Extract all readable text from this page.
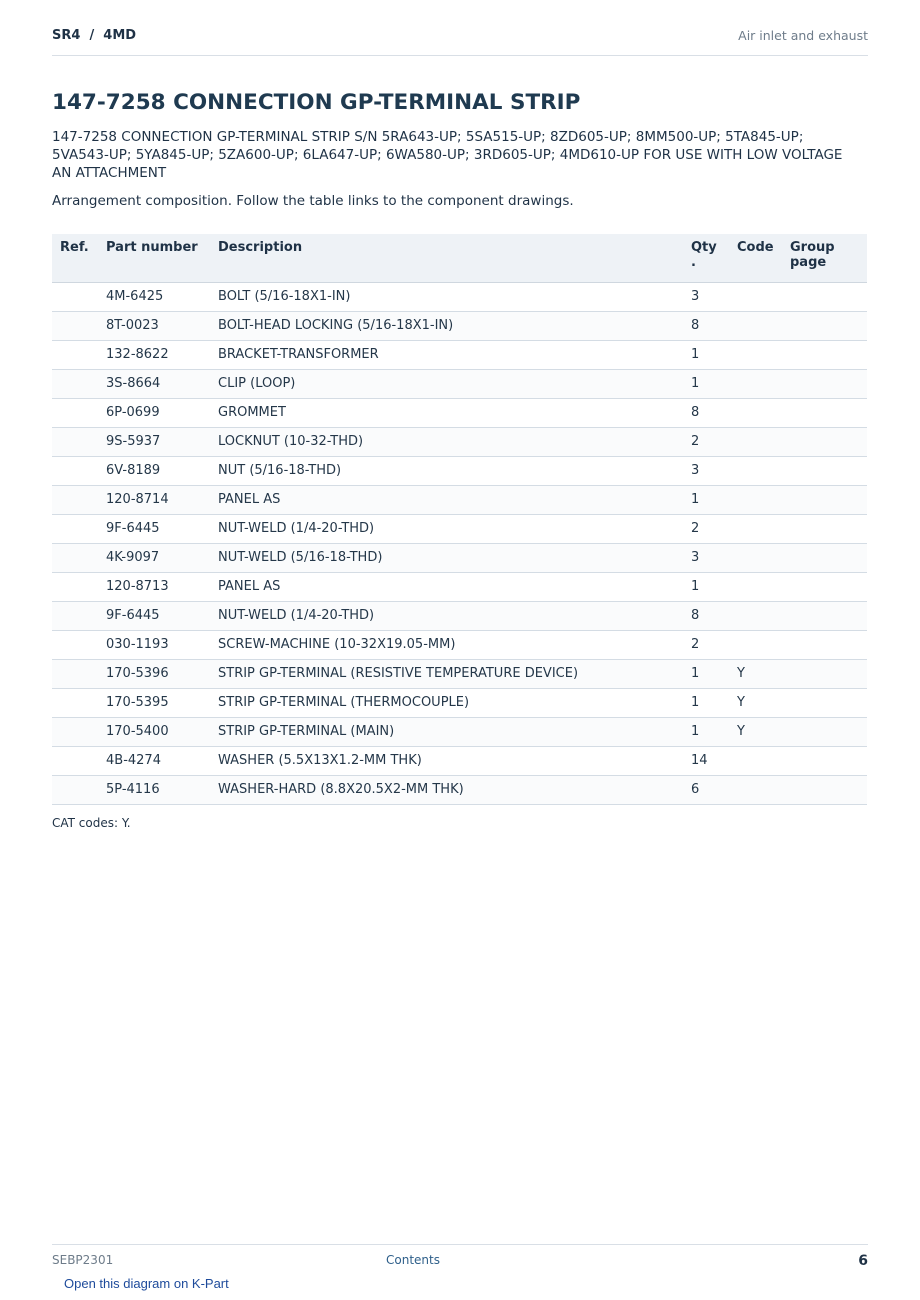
SR4  /  4MD	Air inlet and exhaust
147-7258 CONNECTION GP-TERMINAL STRIP

147-7258 CONNECTION GP-TERMINAL STRIP S/N 5RA643-UP; 5SA515-UP; 8ZD605-UP; 8MM500-UP; 5TA845-UP; 5VA543-UP; 5YA845-UP; 5ZA600-UP; 6LA647-UP; 6WA580-UP; 3RD605-UP; 4MD610-UP FOR USE WITH LOW VOLTAGE AN ATTACHMENT

Arrangement composition. Follow the table links to the component drawings.

Ref.	Part number	Description	Qty .	Code	Group page
	4M-6425	BOLT (5/16-18X1-IN)	3		
	8T-0023	BOLT-HEAD LOCKING (5/16-18X1-IN)	8		
	132-8622	BRACKET-TRANSFORMER	1		
	3S-8664	CLIP (LOOP)	1		
	6P-0699	GROMMET	8		
	9S-5937	LOCKNUT (10-32-THD)	2		
	6V-8189	NUT (5/16-18-THD)	3		
	120-8714	PANEL AS	1		
	9F-6445	NUT-WELD (1/4-20-THD)	2		
	4K-9097	NUT-WELD (5/16-18-THD)	3		
	120-8713	PANEL AS	1		
	9F-6445	NUT-WELD (1/4-20-THD)	8		
	030-1193	SCREW-MACHINE (10-32X19.05-MM)	2		
	170-5396	STRIP GP-TERMINAL (RESISTIVE TEMPERATURE DEVICE)	1	Y	
	170-5395	STRIP GP-TERMINAL (THERMOCOUPLE)	1	Y	
	170-5400	STRIP GP-TERMINAL (MAIN)	1	Y	
	4B-4274	WASHER (5.5X13X1.2-MM THK)	14		
	5P-4116	WASHER-HARD (8.8X20.5X2-MM THK)	6		

CAT codes: Y.

SEBP2301	Contents	6
Open this diagram on K-Part
